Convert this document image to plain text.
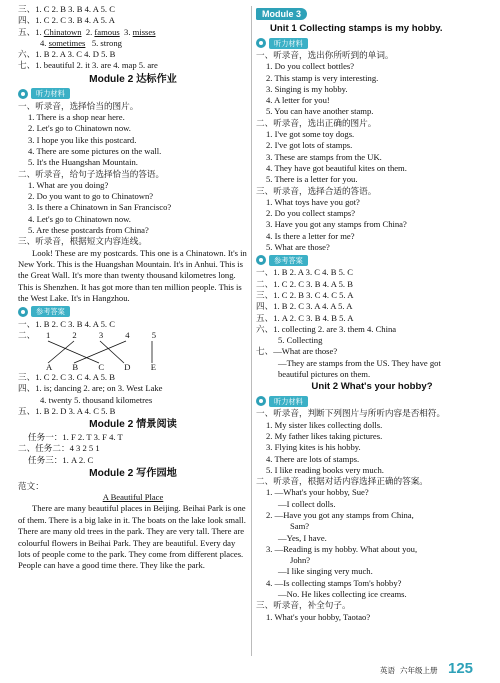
三、1. C 2. B 3. B 4. A 5. C
四、1. C 2. C 3. B 4. A 5. A
五、1. Chinatown 2. famous 3. misses
4. sometimes 5. strong
六、1. B 2. A 3. C 4. D 5. B
七、1. beautiful 2. it 3. are 4. map 5. are
Module 2 达标作业
听力材料
一、听录音，选择恰当的图片。
1. There is a shop near here.
2. Let's go to Chinatown now.
3. I hope you like this postcard.
4. There are some pictures on the wall.
5. It's the Huangshan Mountain.
二、听录音，给句子选择恰当的答语。
1. What are you doing?
2. Do you want to go to Chinatown?
3. Is there a Chinatown in San Francisco?
4. Let's go to Chinatown now.
5. Are these postcards from China?
三、听录音，根据短文内容连线。
Look! These are my postcards. This one is a Chinatown. It's in New York. This is the Huangshan Mountain. It's in Anhui. This is the Great Wall. It's more than twenty thousand kilometres long. This is Shenzhen. It has got more than ten million people. This is the West Lake. It's in Hangzhou.
参考答案
一、1. B 2. C 3. B 4. A 5. C
二、 1	2	3	4	5
A B C D E
三、1. C 2. C 3. C 4. A 5. B
四、1. is; dancing 2. are; on 3. West Lake
4. twenty 5. thousand kilometres
五、1. B 2. D 3. A 4. C 5. B
Module 2 情景阅读
任务一：1. F 2. T 3. F 4. T
二、任务二：4 3 2 5 1
任务三：1. A 2. C
Module 2 写作园地
范文：
A Beautiful Place
There are many beautiful places in Beijing. Beihai Park is one of them. There is a big lake in it. The boats on the lake look small. There are many old trees in the park. They are very tall. There are colourful flowers in Beihai Park. They are beautiful. Every day lots of people come to the park. They come from different places. People can have a good time there. They like the park.
Module 3
Unit 1 Collecting stamps is my hobby.
听力材料
一、听录音，选出你所听到的单词。
1. Do you collect bottles?
2. This stamp is very interesting.
3. Singing is my hobby.
4. A letter for you!
5. You can have another stamp.
二、听录音，选出正确的图片。
1. I've got some toy dogs.
2. I've got lots of stamps.
3. These are stamps from the UK.
4. They have got beautiful kites on them.
5. There is a letter for you.
三、听录音，选择合适的答语。
1. What toys have you got?
2. Do you collect stamps?
3. Have you got any stamps from China?
4. Is there a letter for me?
5. What are those?
参考答案
一、1. B 2. A 3. C 4. B 5. C
二、1. C 2. C 3. B 4. A 5. B
三、1. C 2. B 3. C 4. C 5. A
四、1. B 2. C 3. A 4. A 5. A
五、1. A 2. C 3. B 4. B 5. A
六、1. collecting 2. are 3. them 4. China
5. Collecting
七、—What are those?
—They are stamps from the US. They have got
beautiful pictures on them.
Unit 2 What's your hobby?
听力材料
一、听录音，判断下列图片与所听内容是否相符。
1. My sister likes collecting dolls.
2. My father likes taking pictures.
3. Flying kites is his hobby.
4. There are lots of stamps.
5. I like reading books very much.
二、听录音，根据对话内容选择正确的答案。
1. —What's your hobby, Sue?
—I collect dolls.
2. —Have you got any stamps from China,
Sam?
—Yes, I have.
3. —Reading is my hobby. What about you,
John?
—I like singing very much.
4. —Is collecting stamps Tom's hobby?
—No. He likes collecting ice creams.
三、听录音，补全句子。
1. What's your hobby, Taotao?
英语 六年级上册 125
